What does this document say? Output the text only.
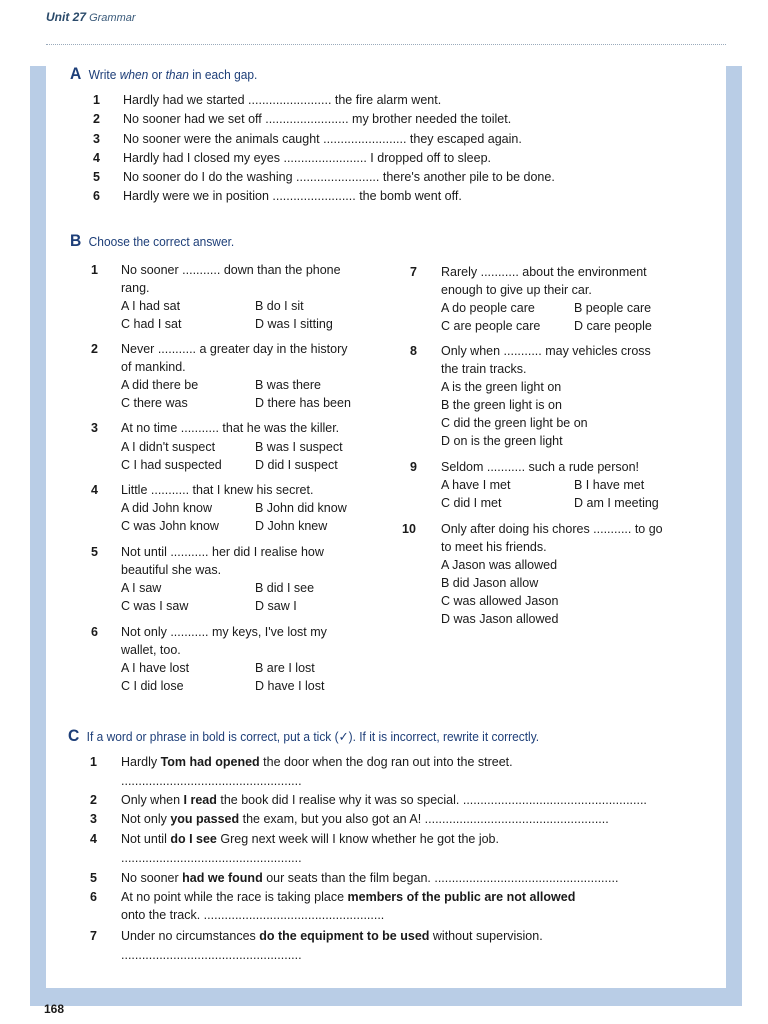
Unit 27 Grammar
A Write
when
or
than
in each gap.
1 Hardly had we started ........................ the fire alarm went.
2 No sooner had we set off ........................ my brother needed the toilet.
3 No sooner were the animals caught ........................ they escaped again.
4 Hardly had I closed my eyes ........................ I dropped off to sleep.
5 No sooner do I do the washing ........................ there's another pile to be done.
6 Hardly were we in position ........................ the bomb went off.
B Choose the correct answer.
1 No sooner ........... down than the phone
rang.
A I had sat	B do I sit
C had I sat	D was I sitting
2 Never ........... a greater day in the history
of mankind.
A did there be	B was there
C there was	D there has been
3 At no time ........... that he was the killer.
A I didn't suspect	B was I suspect
C I had suspected	D did I suspect
4 Little ........... that I knew his secret.
A did John know	B John did know
C was John know	D John knew
5 Not until ........... her did I realise how
beautiful she was.
A I saw	B did I see
C was I saw	D saw I
6 Not only ........... my keys, I've lost my
wallet, too.
A I have lost	B are I lost
C I did lose	D have I lost
7 Rarely ........... about the environment
enough to give up their car.
A do people care	B people care
C are people care	D care people
8 Only when ........... may vehicles cross
the train tracks.
A is the green light on
B the green light is on
C did the green light be on
D on is the green light
9 Seldom ........... such a rude person!
A have I met	B I have met
C did I met	D am I meeting
10 Only after doing his chores ........... to go
to meet his friends.
A Jason was allowed
B did Jason allow
C was allowed Jason
D was Jason allowed
C If a word or phrase in bold is correct, put a tick (✓). If it is incorrect, rewrite it correctly.
1 Hardly Tom had opened the door when the dog ran out into the street.
....................................................
2 Only when I read the book did I realise why it was so special. .....................................................
3 Not only you passed the exam, but you also got an A! .....................................................
4 Not until do I see Greg next week will I know whether he got the job.
....................................................
5 No sooner had we found our seats than the film began. .....................................................
6 At no point while the race is taking place members of the public are not allowed
onto the track. ....................................................
7 Under no circumstances do the equipment to be used without supervision.
....................................................
168
